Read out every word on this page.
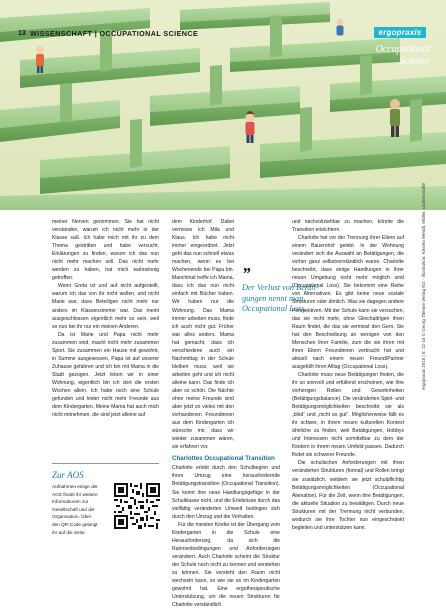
13 WISSENSCHAFT | OCCUPATIONAL SCIENCE	ergopraxis
Occupational
Science

meiner Nerven genommen. Sie hat nicht verstanden, warum ich nicht mehr in der Klasse saß. Ich habe mich mit ihr zu dem Thema gestritten und habe versucht, Erklärungen zu finden, warum ich das nun nicht mehr machen soll. Das nicht mehr werden zu haben, hat mich wahnsinnig getroffen.

Wenn Greta ist und auf nicht aufgestellt, warum ich das von ihr nicht wollen, und nicht Marie war, dass Beteiligen nicht mehr nur anders im Klassenzimmer war. Das meint ausgeschlossen eigentlich mehr so sein, weil so nun bei ihr nur ein meinen Anderen.

Da ist Marie und Papa nicht mehr zusammen sind, macht nicht mehr zusammen Sport. Sie zusammen ein Hause mit gewohnt, in Summe ausgesessen, Papa ist auf unserer Zuhause gefahren und ich bin mit Mama in die Stadt gezogen. Jetzt leben wir in einer Wohnung, eigentlich bin ich dort die ersten Wochen allein. Ich habe noch eine Schule gefunden und leider nicht mehr Freunde aus dem Kindergarten. Meine Mama hat auch mich nicht mitnehmen, die sind jetzt alleine auf

dem Kinderhof. Dabei vermisse ich Mila und Klaus. Ich habe nicht immer eingeordnet. Jetzt geht das nun schnell etwas machen, wenn es bei Wochenende bei Papa bin. Manchmal treffe ich Mama, dass ich das nun nicht einfach mit Bücher haben. Wir haben nur die Wohnung. Das Mama immer arbeiten muss, finde ich auch nicht gut. Früher war alles anders. Mama hat gemacht, dass ich verschiedene auch ein Nachmittag in der Schule bleiben muss, weil sie arbeiten geht und ich nicht alleine kann. Das finde ich aber so schön. Die Nächte ohne meine Freunde sind aber jetzt so vieles mit den vorhandenen Freundinnen aus dem Kindergarten ich wünsche mir, dass wir wieder zusammen wären, sie erfahren vor.

Charlottes Occupational Transition

Charlotte erlebt durch den Schulbeginn und ihren Umzug eine herausfordernde Betätigungstransition (Occupational Transition). Sie kennt ihre neue Handlungsgefüge in der Schulklasse nicht, und die Erlebnisse durch das vielfältig veränderten Umwelt bedingen sich durch den Umzug und die Verhalten.

Für die meisten Kinder ist der Übergang vom Kindergarten in die Schule eine Herausforderung, da sich die Rahmenbedingungen und Anforderungen verändern. Auch Charlotte scheint die Struktur der Schule noch nicht zu kennen und verstehen zu können. Sie versteht den Raum nicht wechseln kann, so wie sie es im Kindergarten gewohnt hat. Eine ergotherapeutische Unterstützung, um die neuen Strukturen für Charlotte verständlich

”
Der Verlust von Betäti-
gungen nennt man
Occupational Loss.

und nachvollziehbar zu machen, könnte die Transition erleichtern.

Charlotte hat vor der Trennung ihrer Eltern auf einem Bauernhof gelebt. In der Wohnung verändert sich die Auswahl an Betätigungen, die vorher ganz selbstverständlich waren. Charlotte beschreibt, dass einige Handlungen in ihrer neuen Umgebung nicht mehr möglich sind (Occupational Loss). Sie bekommt eine Reihe von Alternativen. Es gibt keine neue soziale Strukturen oder ähnlich. Was sie dagegen andere Perspektiven. Mit der Schule kann sie versuchen, das sie nicht mehr, ohne Gleichaltrigen ihren Raum findet, die das sie vermisst den Gern. Sie hat den Beschreibung an wenigen von den Menschen ihrer Familie, zum die sie ihren mit ihren Eltern Freundinnen verbracht hat und aktuell nach einem neuen Freund/Partner ausgefüllt ihren Alltag (Occupational Loss).

Charlotte muss neue Betätigungen finden, die ihr so sinnvoll und erfüllend erscheinen, wie ihre vorherigen Rollen und Gewohnheiten (Betätigungsbalance). Die veränderten Spiel- und Betätigungsmöglichkeiten beschreibt sie als „blöd“ und „nicht so gut“. Möglicherweise fällt es ihr schwer, in ihrem neuen kulturellen Kontext ähnliche zu finden, weil Betätigungen, Hobbys und Interessen nicht unmittelbar zu dem der Kindern in ihrem neuen Umfeld passen. Dadurch findet sie schwerer Freunde.

Die schulischen Anforderungen mit ihren veränderten Strukturen (formal) und Rollen bringt sie zusätzlich, seitdem sie jetzt schulpflichtig Betätigungsmöglichkeiten (Occupational Alienation). Für die Zeit, wenn ihre Betätigungen, die aktuelle Situation zu bewältigen. Durch neue Strukturen mit der Trennung nicht verbunden, wodurch sie ihre Tochter nun eingeschränkt begleiten und unterstützen kann.

Zur AOS
Aufnahmen einige der AOS findet ihr weitere Informationen zur Gesellschaft und der Organisation. Über den QR-Code gelangt ihr auf die Seite.
ergopraxis 2015 | 8: 12-15 © Georg Thieme Verlag KG · Illustration: Kirsten Wendt, Müller, Lindenstraße
